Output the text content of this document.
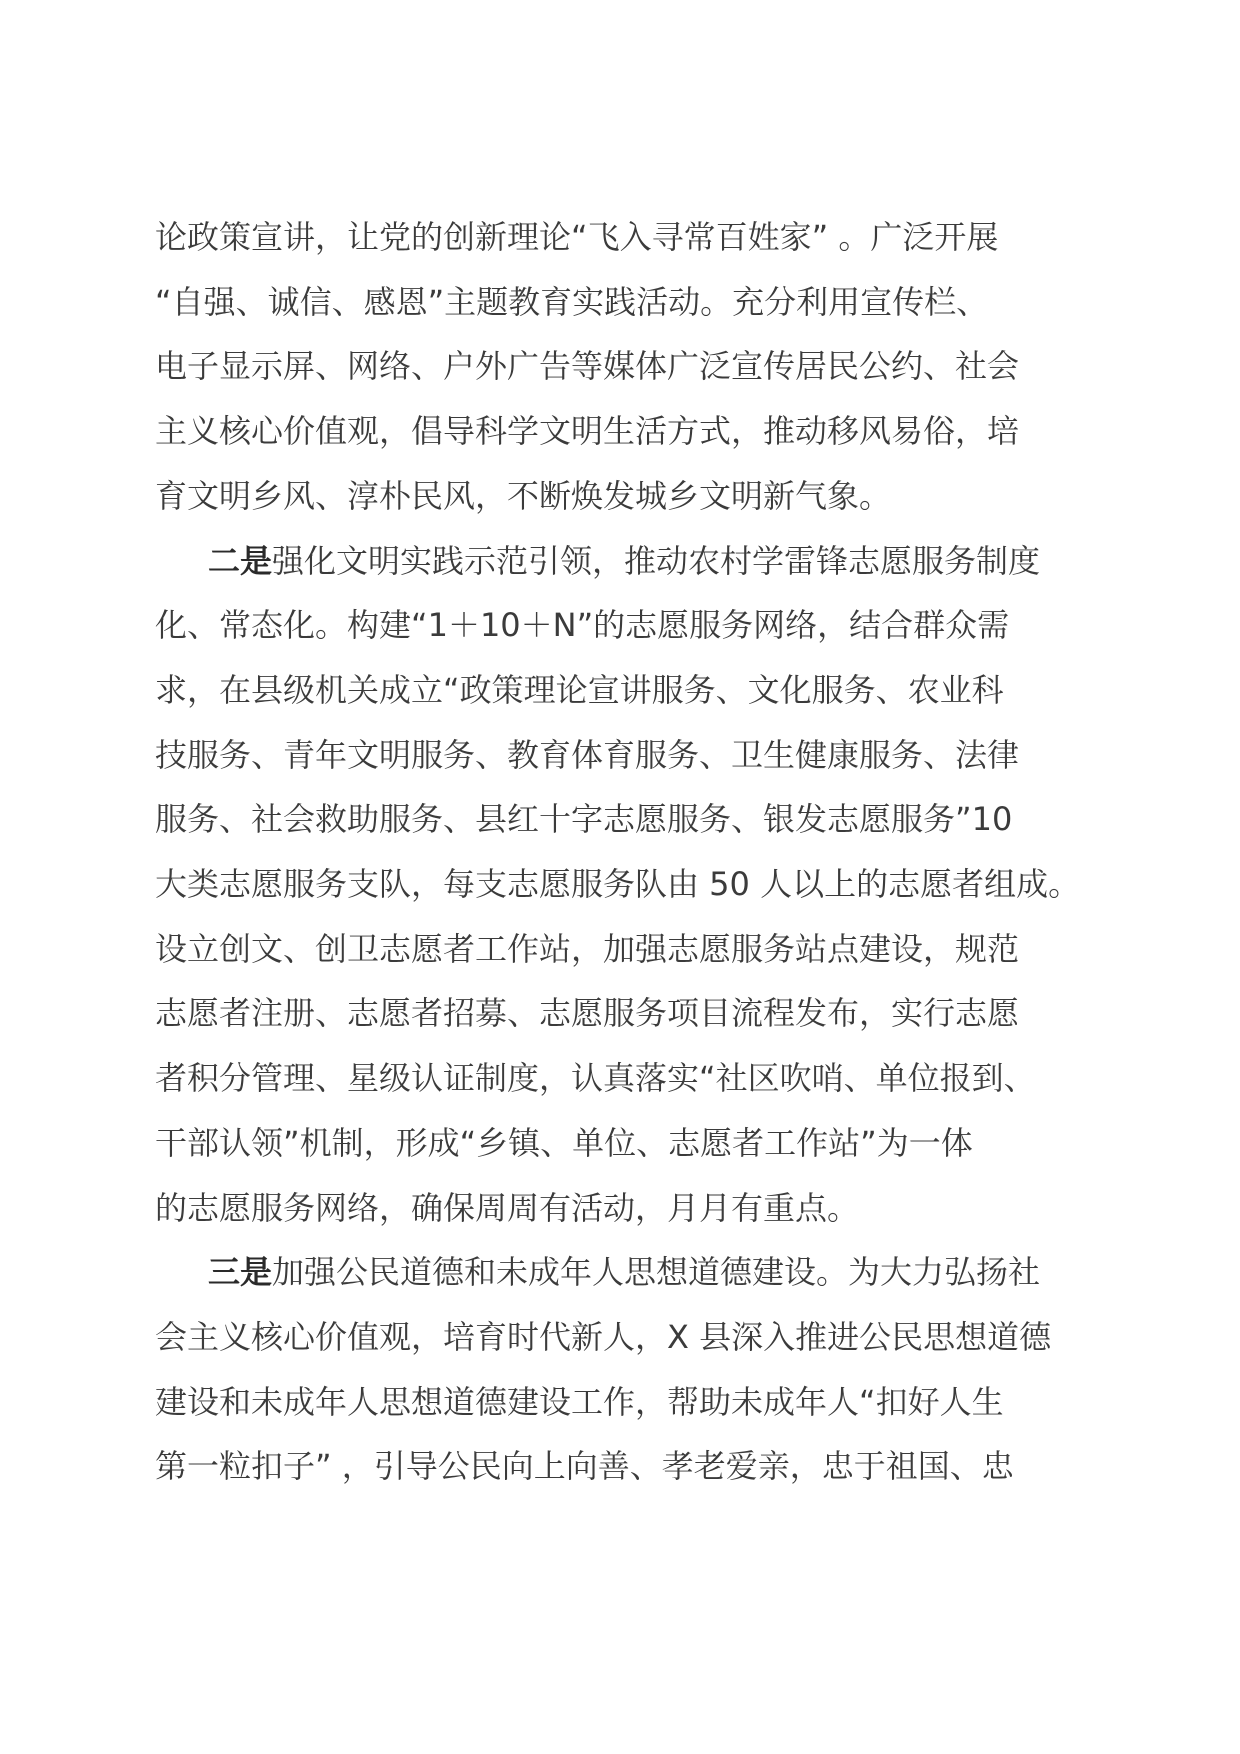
论政策宣讲，让党的创新理论“飞入寻常百姓家” 。广泛开展
“自强、诚信、感恩”主题教育实践活动。充分利用宣传栏、
电子显示屏、网络、户外广告等媒体广泛宣传居民公约、社会
主义核心价值观，倡导科学文明生活方式，推动移风易俗，培
育文明乡风、淳朴民风，不断焕发城乡文明新气象。
二是强化文明实践示范引领，推动农村学雷锋志愿服务制度
化、常态化。构建“1＋10＋N”的志愿服务网络，结合群众需
求，在县级机关成立“政策理论宣讲服务、文化服务、农业科
技服务、青年文明服务、教育体育服务、卫生健康服务、法律
服务、社会救助服务、县红十字志愿服务、银发志愿服务”10
大类志愿服务支队，每支志愿服务队由 50 人以上的志愿者组成。
设立创文、创卫志愿者工作站，加强志愿服务站点建设，规范
志愿者注册、志愿者招募、志愿服务项目流程发布，实行志愿
者积分管理、星级认证制度，认真落实“社区吹哨、单位报到、
干部认领”机制，形成“乡镇、单位、志愿者工作站”为一体
的志愿服务网络，确保周周有活动，月月有重点。
三是加强公民道德和未成年人思想道德建设。为大力弘扬社
会主义核心价值观，培育时代新人，X 县深入推进公民思想道德
建设和未成年人思想道德建设工作，帮助未成年人“扣好人生
第一粒扣子” ，引导公民向上向善、孝老爱亲，忠于祖国、忠
